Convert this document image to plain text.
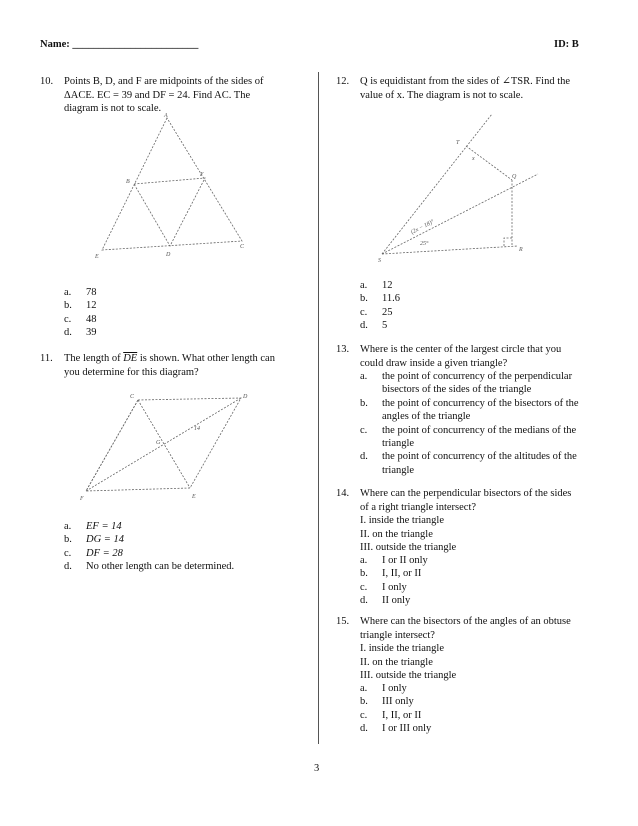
Name: ________________________	ID: B
10. Points B, D, and F are midpoints of the sides of
ΔACE. EC = 39 and DF = 24. Find AC. The
diagram is not to scale.
A
B
F
E	D
C
a. 78
b. 12
c. 48
d. 39
11. The length of $\overline{DE}$ is shown. What other length can
you determine for this diagram?
C	D
F	E
G
14
a. EF = 14
b. DG = 14
c. DF = 28
d. No other length can be determined.
12. Q is equidistant from the sides of ∠TSR. Find the
value of x. The diagram is not to scale.
T
Q
S
R
(2x − 18)°
25°
x
a. 12
b. 11.6
c. 25
d. 5
13. Where is the center of the largest circle that you
could draw inside a given triangle?
a. the point of concurrency of the perpendicular
bisectors of the sides of the triangle
b. the point of concurrency of the bisectors of the
angles of the triangle
c. the point of concurrency of the medians of the
triangle
d. the point of concurrency of the altitudes of the
triangle
14. Where can the perpendicular bisectors of the sides
of a right triangle intersect?
I. inside the triangle
II. on the triangle
III. outside the triangle
a. I or II only
b. I, II, or II
c. I only
d. II only
15. Where can the bisectors of the angles of an obtuse
triangle intersect?
I. inside the triangle
II. on the triangle
III. outside the triangle
a. I only
b. III only
c. I, II, or II
d. I or III only
3
